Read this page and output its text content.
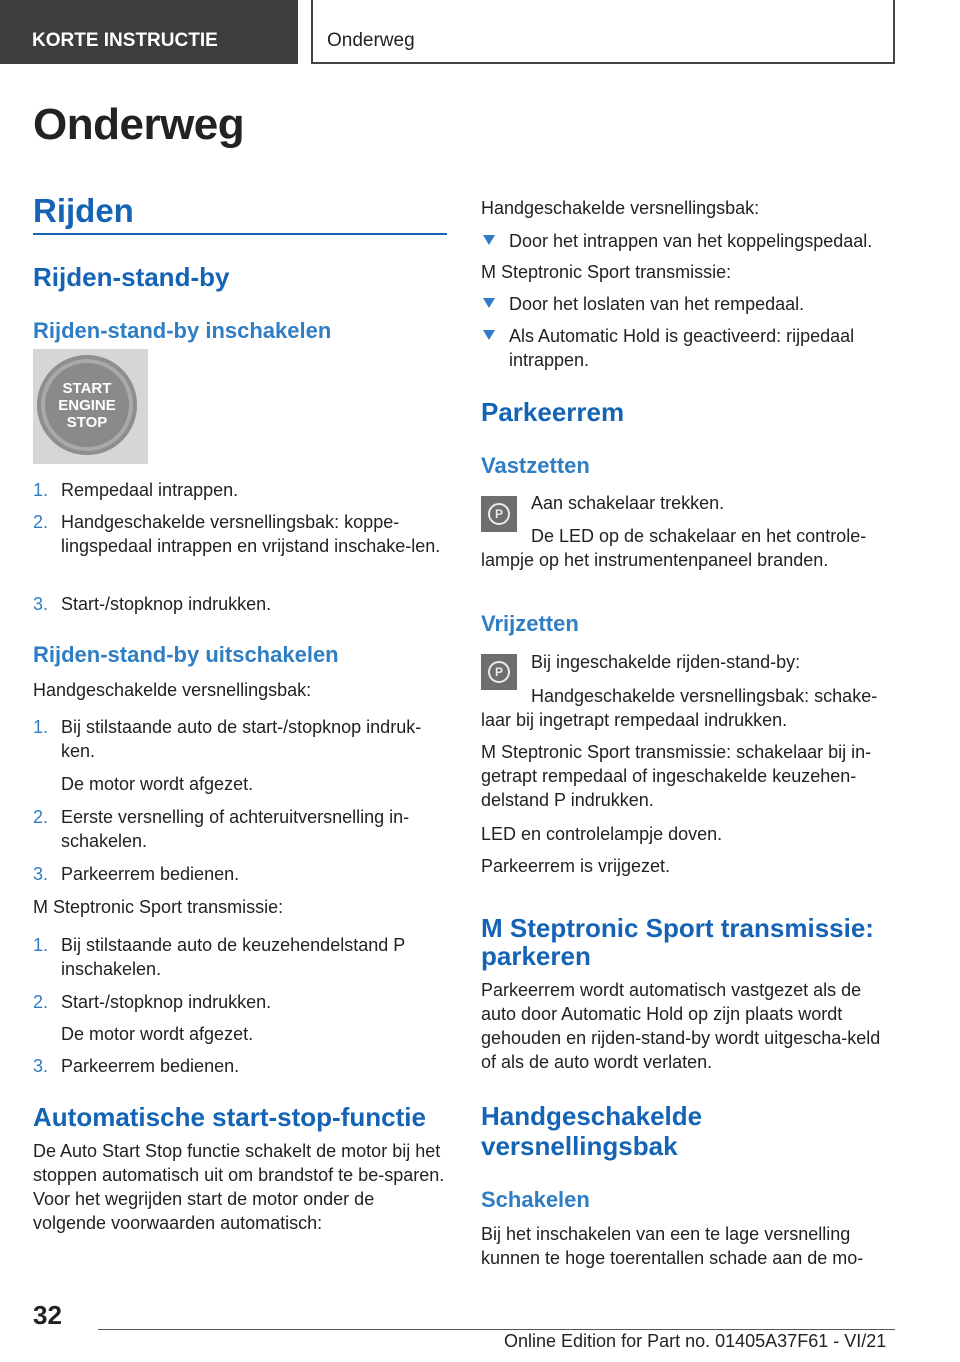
KORTE INSTRUCTIE	Onderweg
Onderweg
Rijden
Rijden-stand-by
Rijden-stand-by inschakelen
START
ENGINE
STOP
1. Rempedaal intrappen.
2. Handgeschakelde versnellingsbak: koppe‐lingspedaal intrappen en vrijstand inschake‐len.
3. Start-/stopknop indrukken.
Rijden-stand-by uitschakelen

Handgeschakelde versnellingsbak:

1. Bij stilstaande auto de start-/stopknop indruk‐ken.
De motor wordt afgezet.
2. Eerste versnelling of achteruitversnelling in‐schakelen.
3. Parkeerrem bedienen.

M Steptronic Sport transmissie:

1. Bij stilstaande auto de keuzehendelstand P inschakelen.
2. Start-/stopknop indrukken.
De motor wordt afgezet.
3. Parkeerrem bedienen.
Automatische start-stop-functie

De Auto Start Stop functie schakelt de motor bij het stoppen automatisch uit om brandstof te be‐sparen. Voor het wegrijden start de motor onder de volgende voorwaarden automatisch:

Handgeschakelde versnellingsbak:

Door het intrappen van het koppelingspedaal.

M Steptronic Sport transmissie:

Door het loslaten van het rempedaal.
Als Automatic Hold is geactiveerd: rijpedaal intrappen.
Parkeerrem
Vastzetten
P

Aan schakelaar trekken.

De LED op de schakelaar en het controle‐lampje op het instrumentenpaneel branden.

Vrijzetten
P	Bij ingeschakelde rijden-stand-by:

Handgeschakelde versnellingsbak: schake‐laar bij ingetrapt rempedaal indrukken.

M Steptronic Sport transmissie: schakelaar bij in‐getrapt rempedaal of ingeschakelde keuzehen‐delstand P indrukken.

LED en controlelampje doven.

Parkeerrem is vrijgezet.

M Steptronic Sport transmissie: parkeren

Parkeerrem wordt automatisch vastgezet als de auto door Automatic Hold op zijn plaats wordt gehouden en rijden-stand-by wordt uitgescha‐keld of als de auto wordt verlaten.

Handgeschakelde versnellingsbak
Schakelen

Bij het inschakelen van een te lage versnelling kunnen te hoge toerentallen schade aan de mo‐

32
Online Edition for Part no. 01405A37F61 - VI/21
